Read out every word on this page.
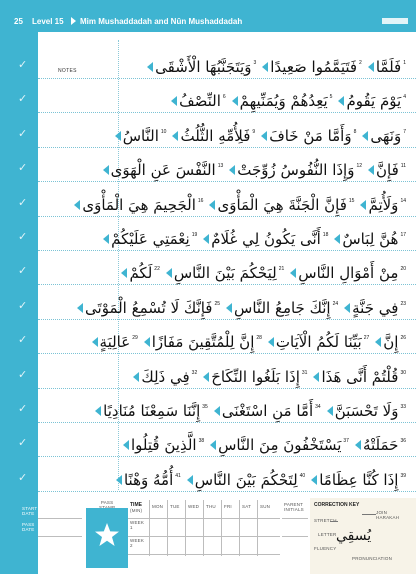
25 Level 15 Mim Mushaddadah and Nūn Mushaddadah
✓
✓
✓
✓
✓
✓
✓
✓
✓
✓
✓
✓
✓
NOTES
1
فَلَمَّا
2
فَتَيَمَّمُوا صَعِيدًا
3
وَيَتَجَنَّبُهَا الْأَشْقَى
4
يَوْمَ يَقُومُ
5
يَعِدُهُمْ وَيُمَنِّيهِمْ
6
النِّصْفُ
7
وَنَهَى
8
وَأَمَّا مَنْ خَافَ
9
فَلِأُمِّهِ الثُّلُثُ
10
النَّاسُ
11
فَإِنَّ
12
وَإِذَا النُّفُوسُ زُوِّجَتْ
13
النَّفْسَ عَنِ الْهَوَى
14
وَلَأُتِمَّ
15
فَإِنَّ الْجَنَّةَ هِيَ الْمَأْوَى
16
الْجَحِيمَ هِيَ الْمَأْوَى
17
هُنَّ لِبَاسٌ
18
أَنَّى يَكُونُ لِي غُلَامٌ
19
نِعْمَتِي عَلَيْكُمْ
20
مِنْ أَمْوَالِ النَّاسِ
21
لِيَحْكُمَ بَيْنَ النَّاسِ
22
لَكُمْ
23
فِي جَنَّةٍ
24
إِنَّكَ جَامِعُ النَّاسِ
25
فَإِنَّكَ لَا تُسْمِعُ الْمَوْتَى
26
إِنَّ
27
بَيِّنَا لَكُمُ الْآيَاتِ
28
إِنَّ لِلْمُتَّقِينَ مَفَازًا
29
عَالِيَةٍ
30
قُلْتُمْ أَنَّى هَذَا
31
إِذَا بَلَغُوا النِّكَاحَ
32
فِي ذَلِكَ
33
وَلَا تَحْسَبَنَّ
34
أَمَّا مَنِ اسْتَغْنَى
35
إِنَّنَا سَمِعْنَا مُنَادِيًا
36
حَمَلَتْهُ
37
يَسْتَخْفُونَ مِنَ النَّاسِ
38
الَّذِينَ قُتِلُوا
39
إِذَا كُنَّا عِظَامًا
40
لِتَحْكُمَ بَيْنَ النَّاسِ
41
أُمُّهُ وَهْنًا
START
DATE
PASS
DATE
PASS	TIME
(MIN)
WEEK
1
WEEK
2
MON TUE WED THU FRI SAT SUN	PARENT
INITIALS
CORRECTION KEY
STRETCH
JOIN
HARAKAH
LETTER يُسقِي
FLUENCY
PRONUNCIATION
